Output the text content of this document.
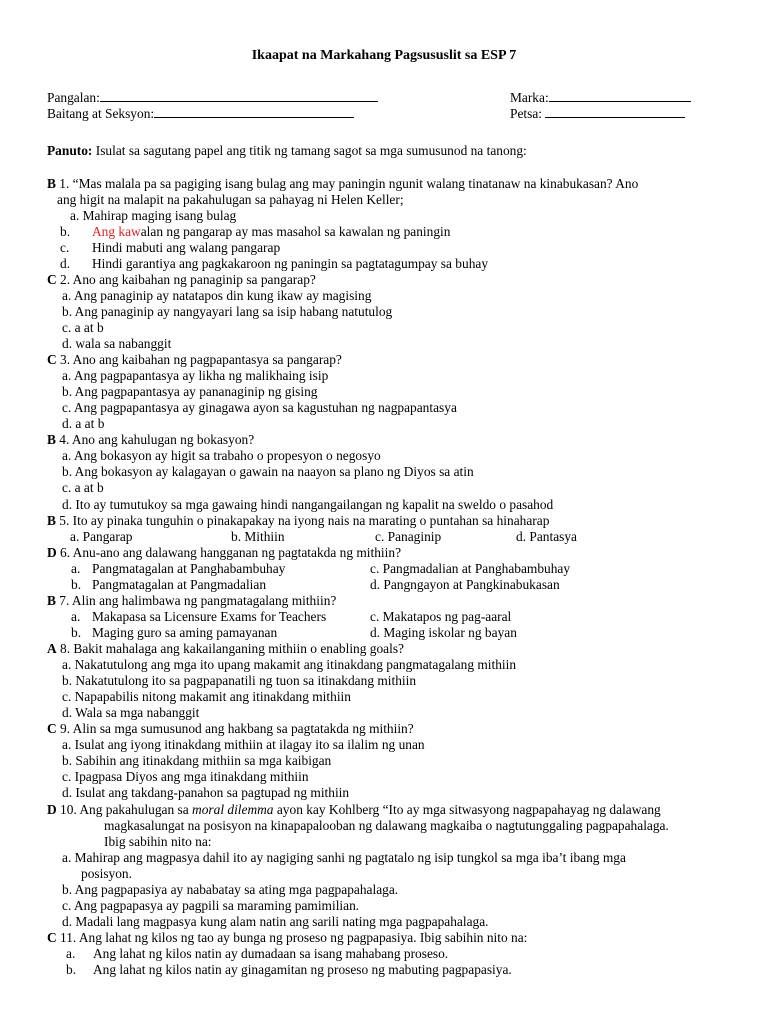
Ikaapat na Markahang Pagsususlit sa ESP 7
Pangalan:
Baitang at Seksyon:
Marka:
Petsa:
Panuto: Isulat sa sagutang papel ang titik ng tamang sagot sa mga sumusunod na tanong:
B 1. “Mas malala pa sa pagiging isang bulag ang may paningin ngunit walang tinatanaw na kinabukasan? Ano
ang higit na malapit na pakahulugan sa pahayag ni Helen Keller;
a. Mahirap maging isang bulag
b. Ang kawalan ng pangarap ay mas masahol sa kawalan ng paningin
c. Hindi mabuti ang walang pangarap
d. Hindi garantiya ang pagkakaroon ng paningin sa pagtatagumpay sa buhay
C 2. Ano ang kaibahan ng panaginip sa pangarap?
a. Ang panaginip ay natatapos din kung ikaw ay magising
b. Ang panaginip ay nangyayari lang sa isip habang natutulog
c. a at b
d. wala sa nabanggit
C 3. Ano ang kaibahan ng pagpapantasya sa pangarap?
a. Ang pagpapantasya ay likha ng malikhaing isip
b. Ang pagpapantasya ay pananaginip ng gising
c. Ang pagpapantasya ay ginagawa ayon sa kagustuhan ng nagpapantasya
d. a at b
B 4. Ano ang kahulugan ng bokasyon?
a. Ang bokasyon ay higit sa trabaho o propesyon o negosyo
b. Ang bokasyon ay kalagayan o gawain na naayon sa plano ng Diyos sa atin
c. a at b
d. Ito ay tumutukoy sa mga gawaing hindi nangangailangan ng kapalit na sweldo o pasahod
B 5. Ito ay pinaka tunguhin o pinakapakay na iyong nais na marating o puntahan sa hinaharap
a. Pangarap	b. Mithiin	c. Panaginip	d. Pantasya
D 6. Anu-ano ang dalawang hangganan ng pagtatakda ng mithiin?
a. Pangmatagalan at Panghabambuhay	c. Pangmadalian at Panghabambuhay
b. Pangmatagalan at Pangmadalian	d. Pangngayon at Pangkinabukasan
B 7. Alin ang halimbawa ng pangmatagalang mithiin?
a. Makapasa sa Licensure Exams for Teachers	c. Makatapos ng pag-aaral
b. Maging guro sa aming pamayanan	d. Maging iskolar ng bayan
A 8. Bakit mahalaga ang kakailanganing mithiin o enabling goals?
a. Nakatutulong ang mga ito upang makamit ang itinakdang pangmatagalang mithiin
b. Nakatutulong ito sa pagpapanatili ng tuon sa itinakdang mithiin
c. Napapabilis nitong makamit ang itinakdang mithiin
d. Wala sa mga nabanggit
C 9. Alin sa mga sumusunod ang hakbang sa pagtatakda ng mithiin?
a. Isulat ang iyong itinakdang mithiin at ilagay ito sa ilalim ng unan
b. Sabihin ang itinakdang mithiin sa mga kaibigan
c. Ipagpasa Diyos ang mga itinakdang mithiin
d. Isulat ang takdang-panahon sa pagtupad ng mithiin
D 10. Ang pakahulugan sa moral dilemma ayon kay Kohlberg “Ito ay mga sitwasyong nagpapahayag ng dalawang
magkasalungat na posisyon na kinapapalooban ng dalawang magkaiba o nagtutunggaling pagpapahalaga.
Ibig sabihin nito na:
a. Mahirap ang magpasya dahil ito ay nagiging sanhi ng pagtatalo ng isip tungkol sa mga iba’t ibang mga
posisyon.
b. Ang pagpapasiya ay nababatay sa ating mga pagpapahalaga.
c. Ang pagpapasya ay pagpili sa maraming pamimilian.
d. Madali lang magpasya kung alam natin ang sarili nating mga pagpapahalaga.
C 11. Ang lahat ng kilos ng tao ay bunga ng proseso ng pagpapasiya. Ibig sabihin nito na:
a. Ang lahat ng kilos natin ay dumadaan sa isang mahabang proseso.
b. Ang lahat ng kilos natin ay ginagamitan ng proseso ng mabuting pagpapasiya.
